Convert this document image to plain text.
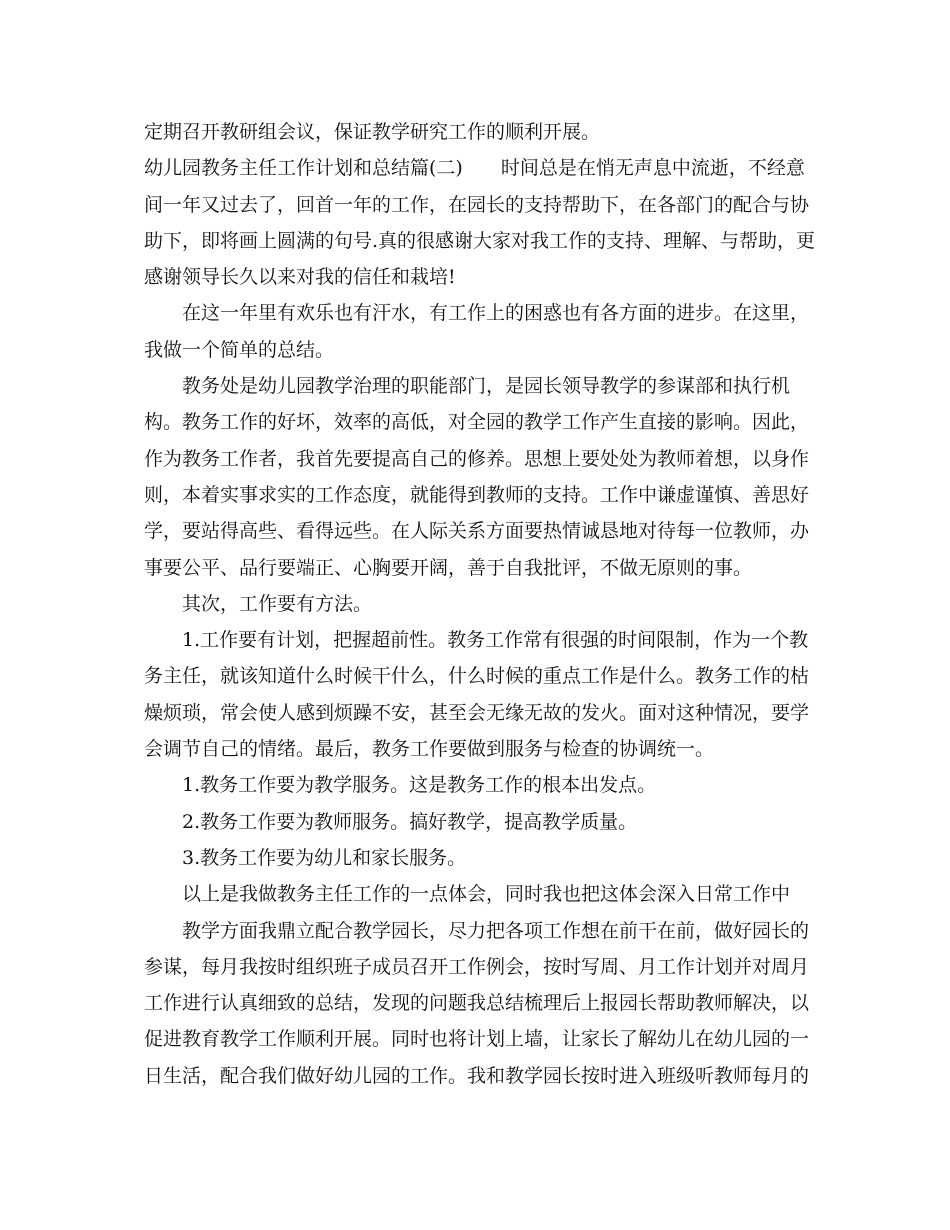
定期召开教研组会议，保证教学研究工作的顺利开展。
幼儿园教务主任工作计划和总结篇(二) 时间总是在悄无声息中流逝，不经意
间一年又过去了，回首一年的工作，在园长的支持帮助下，在各部门的配合与协
助下，即将画上圆满的句号.真的很感谢大家对我工作的支持、理解、与帮助，更
感谢领导长久以来对我的信任和栽培!
在这一年里有欢乐也有汗水，有工作上的困惑也有各方面的进步。在这里，
我做一个简单的总结。
教务处是幼儿园教学治理的职能部门，是园长领导教学的参谋部和执行机
构。教务工作的好坏，效率的高低，对全园的教学工作产生直接的影响。因此，
作为教务工作者，我首先要提高自己的修养。思想上要处处为教师着想，以身作
则，本着实事求实的工作态度，就能得到教师的支持。工作中谦虚谨慎、善思好
学，要站得高些、看得远些。在人际关系方面要热情诚恳地对待每一位教师，办
事要公平、品行要端正、心胸要开阔，善于自我批评，不做无原则的事。
其次，工作要有方法。
1.工作要有计划，把握超前性。教务工作常有很强的时间限制，作为一个教
务主任，就该知道什么时候干什么，什么时候的重点工作是什么。教务工作的枯
燥烦琐，常会使人感到烦躁不安，甚至会无缘无故的发火。面对这种情况，要学
会调节自己的情绪。最后，教务工作要做到服务与检查的协调统一。
1.教务工作要为教学服务。这是教务工作的根本出发点。
2.教务工作要为教师服务。搞好教学，提高教学质量。
3.教务工作要为幼儿和家长服务。
以上是我做教务主任工作的一点体会，同时我也把这体会深入日常工作中
教学方面我鼎立配合教学园长，尽力把各项工作想在前干在前，做好园长的
参谋，每月我按时组织班子成员召开工作例会，按时写周、月工作计划并对周月
工作进行认真细致的总结，发现的问题我总结梳理后上报园长帮助教师解决，以
促进教育教学工作顺利开展。同时也将计划上墙，让家长了解幼儿在幼儿园的一
日生活，配合我们做好幼儿园的工作。我和教学园长按时进入班级听教师每月的
